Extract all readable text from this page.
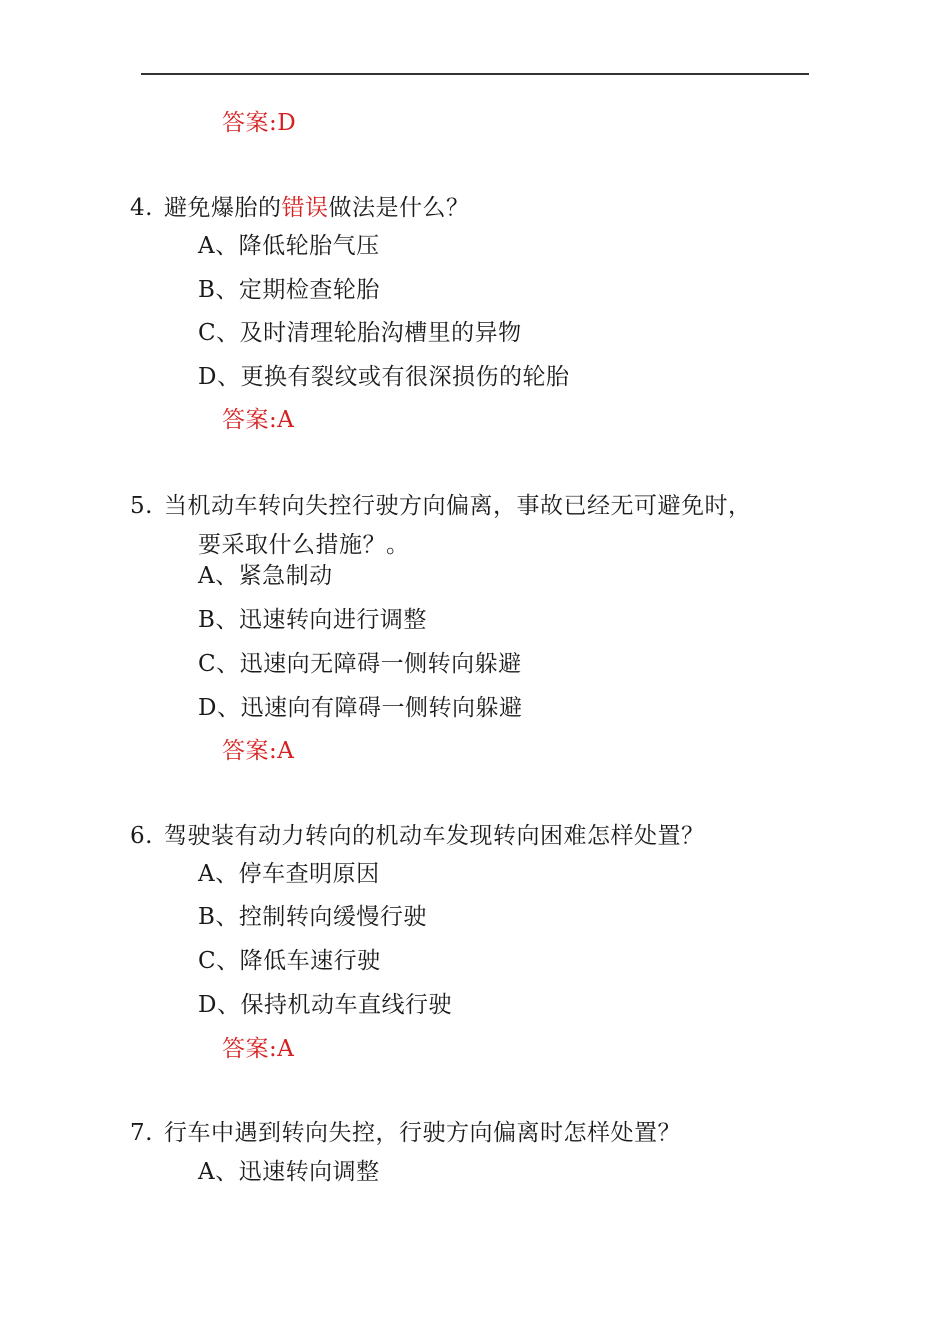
答案:D
4. 避免爆胎的错误做法是什么？
A、降低轮胎气压
B、定期检查轮胎
C、及时清理轮胎沟槽里的异物
D、更换有裂纹或有很深损伤的轮胎
答案:A
5. 当机动车转向失控行驶方向偏离，事故已经无可避免时，
要采取什么措施？。
A、紧急制动
B、迅速转向进行调整
C、迅速向无障碍一侧转向躲避
D、迅速向有障碍一侧转向躲避
答案:A
6. 驾驶装有动力转向的机动车发现转向困难怎样处置？
A、停车查明原因
B、控制转向缓慢行驶
C、降低车速行驶
D、保持机动车直线行驶
答案:A
7. 行车中遇到转向失控，行驶方向偏离时怎样处置？
A、迅速转向调整
